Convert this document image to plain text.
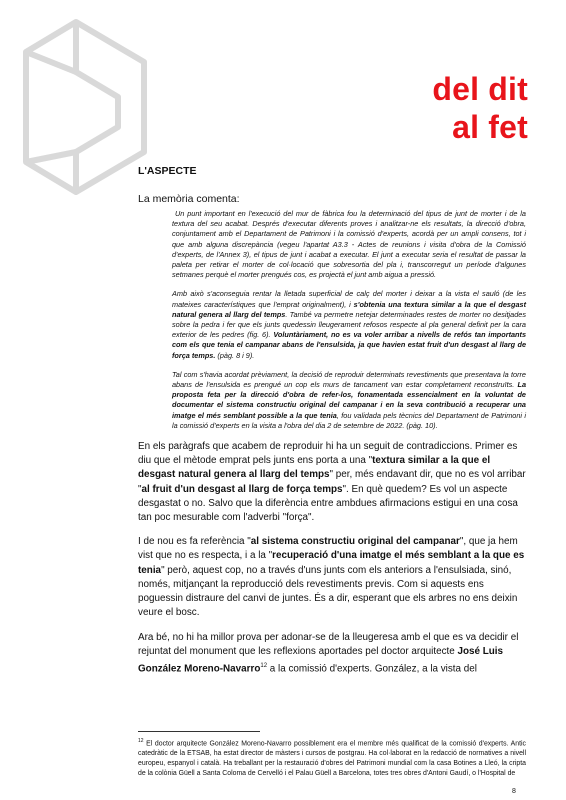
del dit
al fet
L'ASPECTE
La memòria comenta:

Un punt important en l'execució del mur de fàbrica fou la determinació del tipus de junt de morter i de la textura del seu acabat. Després d'executar diferents proves i analitzar-ne els resultats, la direcció d'obra, conjuntament amb el Departament de Patrimoni i la comissió d'experts, acordà per un ampli consens, tot i que amb alguna discrepància (vegeu l'apartat A3.3 - Actes de reunions i visita d'obra de la Comissió d'experts, de l'Annex 3), el tipus de junt i acabat a executar. El junt a executar seria el resultat de passar la paleta per retirar el morter de col·locació que sobresortia del pla i, transcorregut un període d'algunes setmanes perquè el morter prengués cos, es projectà el junt amb aigua a pressió.

Amb això s'aconseguia rentar la lletada superficial de calç del morter i deixar a la vista el sauló (de les mateixes característiques que l'emprat originalment), i s'obtenia una textura similar a la que el desgast natural genera al llarg del temps. També va permetre netejar determinades restes de morter no desitjades sobre la pedra i fer que els junts quedessin lleugerament refosos respecte al pla general definit per la cara exterior de les pedres (fig. 6). Voluntàriament, no es va voler arribar a nivells de refós tan importants com els que tenia el campanar abans de l'ensulsida, ja que havien estat fruit d'un desgast al llarg de força temps. (pàg. 8 i 9).

Tal com s'havia acordat prèviament, la decisió de reproduir determinats revestiments que presentava la torre abans de l'ensulsida es prengué un cop els murs de tancament van estar completament reconstruïts. La proposta feta per la direcció d'obra de refer-los, fonamentada essencialment en la voluntat de documentar el sistema constructiu original del campanar i en la seva contribució a recuperar una imatge el més semblant possible a la que tenia, fou validada pels tècnics del Departament de Patrimoni i la comissió d'experts en la visita a l'obra del dia 2 de setembre de 2022. (pàg. 10).

En els paràgrafs que acabem de reproduir hi ha un seguit de contradiccions. Primer es diu que el mètode emprat pels junts ens porta a una "textura similar a la que el desgast natural genera al llarg del temps" per, més endavant dir, que no es vol arribar "al fruit d'un desgast al llarg de força temps". En què quedem? Es vol un aspecte desgastat o no. Salvo que la diferència entre ambdues afirmacions estigui en una cosa tan poc mesurable com l'adverbi "força".

I de nou es fa referència "al sistema constructiu original del campanar", que ja hem vist que no es respecta, i a la "recuperació d'una imatge el més semblant a la que es tenia" però, aquest cop, no a través d'uns junts com els anteriors a l'ensulsiada, sinó, només, mitjançant la reproducció dels revestiments previs. Com si aquests ens poguessin distraure del canvi de juntes. És a dir, esperant que els arbres no ens deixin veure el bosc.

Ara bé, no hi ha millor prova per adonar-se de la lleugeresa amb el que es va decidir el rejuntat del monument que les reflexions aportades pel doctor arquitecte José Luis González Moreno-Navarro$^{12}$ a la comissió d'experts. González, a la vista del

$^{12}$ El doctor arquitecte González Moreno-Navarro possiblement era el membre més qualificat de la comissió d'experts. Antic catedràtic de la ETSAB, ha estat director de màsters i cursos de postgrau. Ha col·laborat en la redacció de normatives a nivell europeu, espanyol i català. Ha treballant per la restauració d'obres del Patrimoni mundial com la casa Botines a Lleó, la cripta de la colònia Güell a Santa Coloma de Cervelló i el Palau Güell a Barcelona, totes tres obres d'Antoni Gaudí, o l'Hospital de
8
